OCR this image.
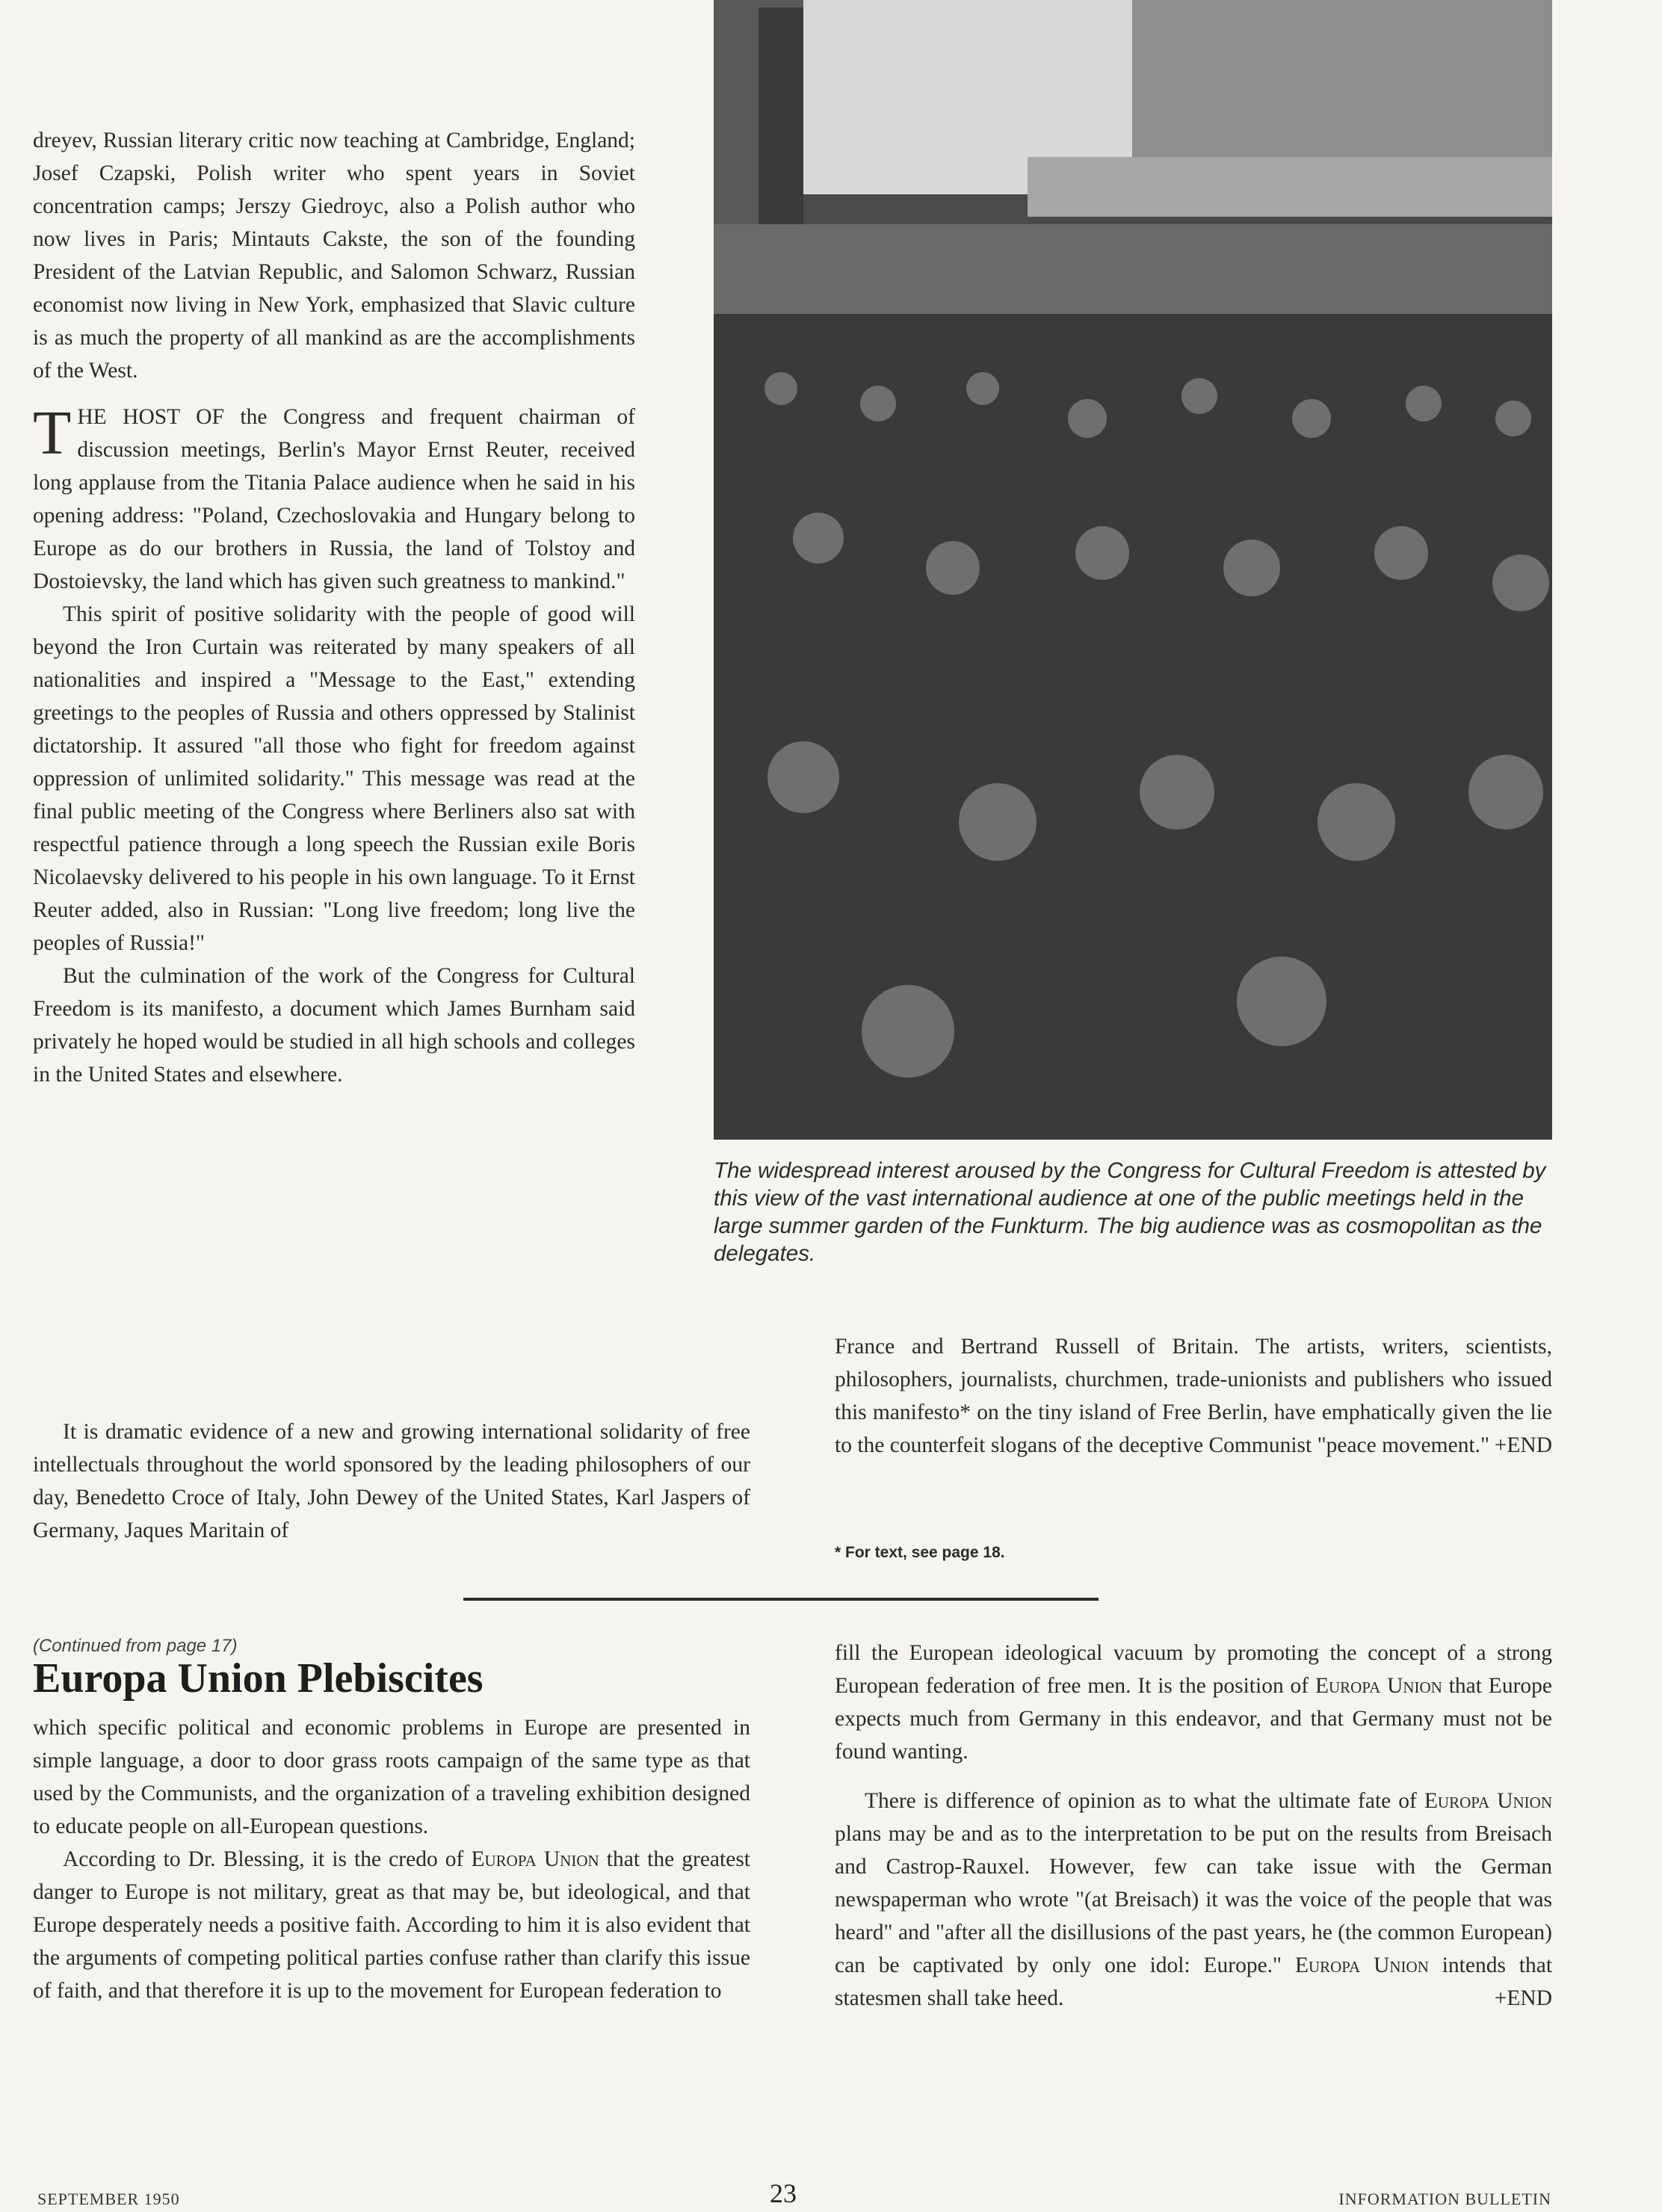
dreyev, Russian literary critic now teaching at Cambridge, England; Josef Czapski, Polish writer who spent years in Soviet concentration camps; Jerszy Giedroyc, also a Polish author who now lives in Paris; Mintauts Cakste, the son of the founding President of the Latvian Republic, and Salomon Schwarz, Russian economist now living in New York, emphasized that Slavic culture is as much the property of all mankind as are the accomplishments of the West.

THE HOST OF the Congress and frequent chairman of discussion meetings, Berlin's Mayor Ernst Reuter, received long applause from the Titania Palace audience when he said in his opening address: "Poland, Czechoslovakia and Hungary belong to Europe as do our brothers in Russia, the land of Tolstoy and Dostoievsky, the land which has given such greatness to mankind."

This spirit of positive solidarity with the people of good will beyond the Iron Curtain was reiterated by many speakers of all nationalities and inspired a "Message to the East," extending greetings to the peoples of Russia and others oppressed by Stalinist dictatorship. It assured "all those who fight for freedom against oppression of unlimited solidarity." This message was read at the final public meeting of the Congress where Berliners also sat with respectful patience through a long speech the Russian exile Boris Nicolaevsky delivered to his people in his own language. To it Ernst Reuter added, also in Russian: "Long live freedom; long live the peoples of Russia!"

But the culmination of the work of the Congress for Cultural Freedom is its manifesto, a document which James Burnham said privately he hoped would be studied in all high schools and colleges in the United States and elsewhere.

It is dramatic evidence of a new and growing international solidarity of free intellectuals throughout the world sponsored by the leading philosophers of our day, Benedetto Croce of Italy, John Dewey of the United States, Karl Jaspers of Germany, Jaques Maritain of

The widespread interest aroused by the Congress for Cultural Freedom is attested by this view of the vast international audience at one of the public meetings held in the large summer garden of the Funkturm. The big audience was as cosmopolitan as the delegates.

France and Bertrand Russell of Britain. The artists, writers, scientists, philosophers, journalists, churchmen, trade-unionists and publishers who issued this manifesto* on the tiny island of Free Berlin, have emphatically given the lie to the counterfeit slogans of the deceptive Communist "peace movement." +END

* For text, see page 18.
(Continued from page 17)
Europa Union Plebiscites

which specific political and economic problems in Europe are presented in simple language, a door to door grass roots campaign of the same type as that used by the Communists, and the organization of a traveling exhibition designed to educate people on all-European questions.

According to Dr. Blessing, it is the credo of Europa Union that the greatest danger to Europe is not military, great as that may be, but ideological, and that Europe desperately needs a positive faith. According to him it is also evident that the arguments of competing political parties confuse rather than clarify this issue of faith, and that therefore it is up to the movement for European federation to

fill the European ideological vacuum by promoting the concept of a strong European federation of free men. It is the position of Europa Union that Europe expects much from Germany in this endeavor, and that Germany must not be found wanting.

There is difference of opinion as to what the ultimate fate of Europa Union plans may be and as to the interpretation to be put on the results from Breisach and Castrop-Rauxel. However, few can take issue with the German newspaperman who wrote "(at Breisach) it was the voice of the people that was heard" and "after all the disillusions of the past years, he (the common European) can be captivated by only one idol: Europe." Europa Union intends that statesmen shall take heed.	+END

SEPTEMBER 1950	23	INFORMATION BULLETIN
